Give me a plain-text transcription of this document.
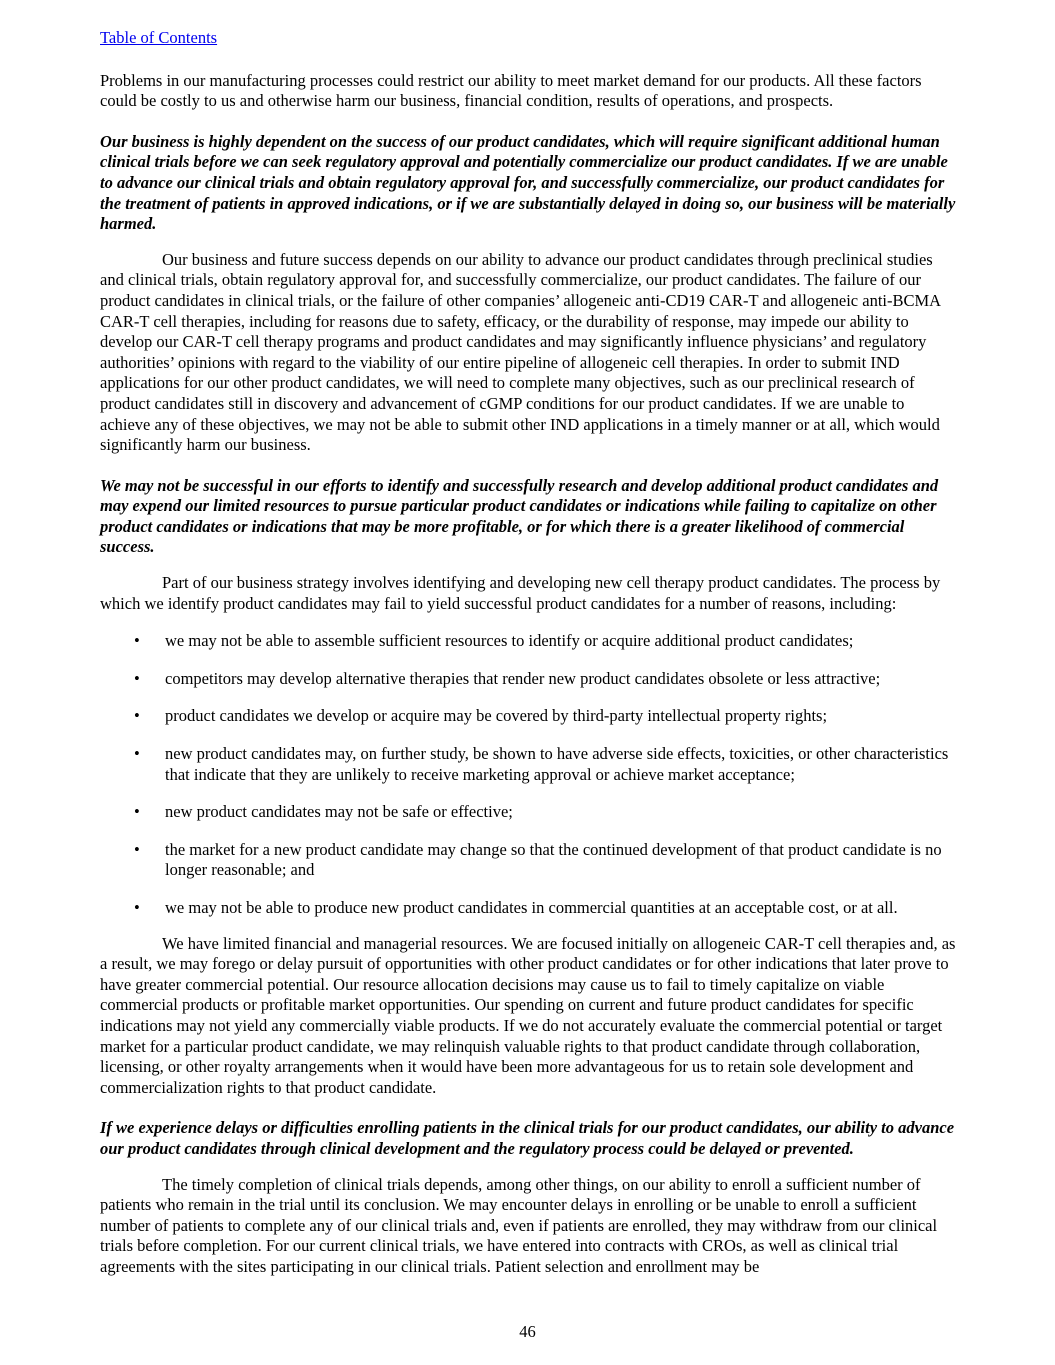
Table of Contents

Problems in our manufacturing processes could restrict our ability to meet market demand for our products. All these factors could be costly to us and otherwise harm our business, financial condition, results of operations, and prospects.

Our business is highly dependent on the success of our product candidates, which will require significant additional human clinical trials before we can seek regulatory approval and potentially commercialize our product candidates. If we are unable to advance our clinical trials and obtain regulatory approval for, and successfully commercialize, our product candidates for the treatment of patients in approved indications, or if we are substantially delayed in doing so, our business will be materially harmed.

Our business and future success depends on our ability to advance our product candidates through preclinical studies and clinical trials, obtain regulatory approval for, and successfully commercialize, our product candidates. The failure of our product candidates in clinical trials, or the failure of other companies’ allogeneic anti-CD19 CAR-T and allogeneic anti-BCMA CAR-T cell therapies, including for reasons due to safety, efficacy, or the durability of response, may impede our ability to develop our CAR-T cell therapy programs and product candidates and may significantly influence physicians’ and regulatory authorities’ opinions with regard to the viability of our entire pipeline of allogeneic cell therapies. In order to submit IND applications for our other product candidates, we will need to complete many objectives, such as our preclinical research of product candidates still in discovery and advancement of cGMP conditions for our product candidates. If we are unable to achieve any of these objectives, we may not be able to submit other IND applications in a timely manner or at all, which would significantly harm our business.

We may not be successful in our efforts to identify and successfully research and develop additional product candidates and may expend our limited resources to pursue particular product candidates or indications while failing to capitalize on other product candidates or indications that may be more profitable, or for which there is a greater likelihood of commercial success.

Part of our business strategy involves identifying and developing new cell therapy product candidates. The process by which we identify product candidates may fail to yield successful product candidates for a number of reasons, including:

• we may not be able to assemble sufficient resources to identify or acquire additional product candidates;
• competitors may develop alternative therapies that render new product candidates obsolete or less attractive;
• product candidates we develop or acquire may be covered by third-party intellectual property rights;
• new product candidates may, on further study, be shown to have adverse side effects, toxicities, or other characteristics that indicate that they are unlikely to receive marketing approval or achieve market acceptance;
• new product candidates may not be safe or effective;
• the market for a new product candidate may change so that the continued development of that product candidate is no longer reasonable; and
• we may not be able to produce new product candidates in commercial quantities at an acceptable cost, or at all.

We have limited financial and managerial resources. We are focused initially on allogeneic CAR-T cell therapies and, as a result, we may forego or delay pursuit of opportunities with other product candidates or for other indications that later prove to have greater commercial potential. Our resource allocation decisions may cause us to fail to timely capitalize on viable commercial products or profitable market opportunities. Our spending on current and future product candidates for specific indications may not yield any commercially viable products. If we do not accurately evaluate the commercial potential or target market for a particular product candidate, we may relinquish valuable rights to that product candidate through collaboration, licensing, or other royalty arrangements when it would have been more advantageous for us to retain sole development and commercialization rights to that product candidate.

If we experience delays or difficulties enrolling patients in the clinical trials for our product candidates, our ability to advance our product candidates through clinical development and the regulatory process could be delayed or prevented.

The timely completion of clinical trials depends, among other things, on our ability to enroll a sufficient number of patients who remain in the trial until its conclusion. We may encounter delays in enrolling or be unable to enroll a sufficient number of patients to complete any of our clinical trials and, even if patients are enrolled, they may withdraw from our clinical trials before completion. For our current clinical trials, we have entered into contracts with CROs, as well as clinical trial agreements with the sites participating in our clinical trials. Patient selection and enrollment may be

46
